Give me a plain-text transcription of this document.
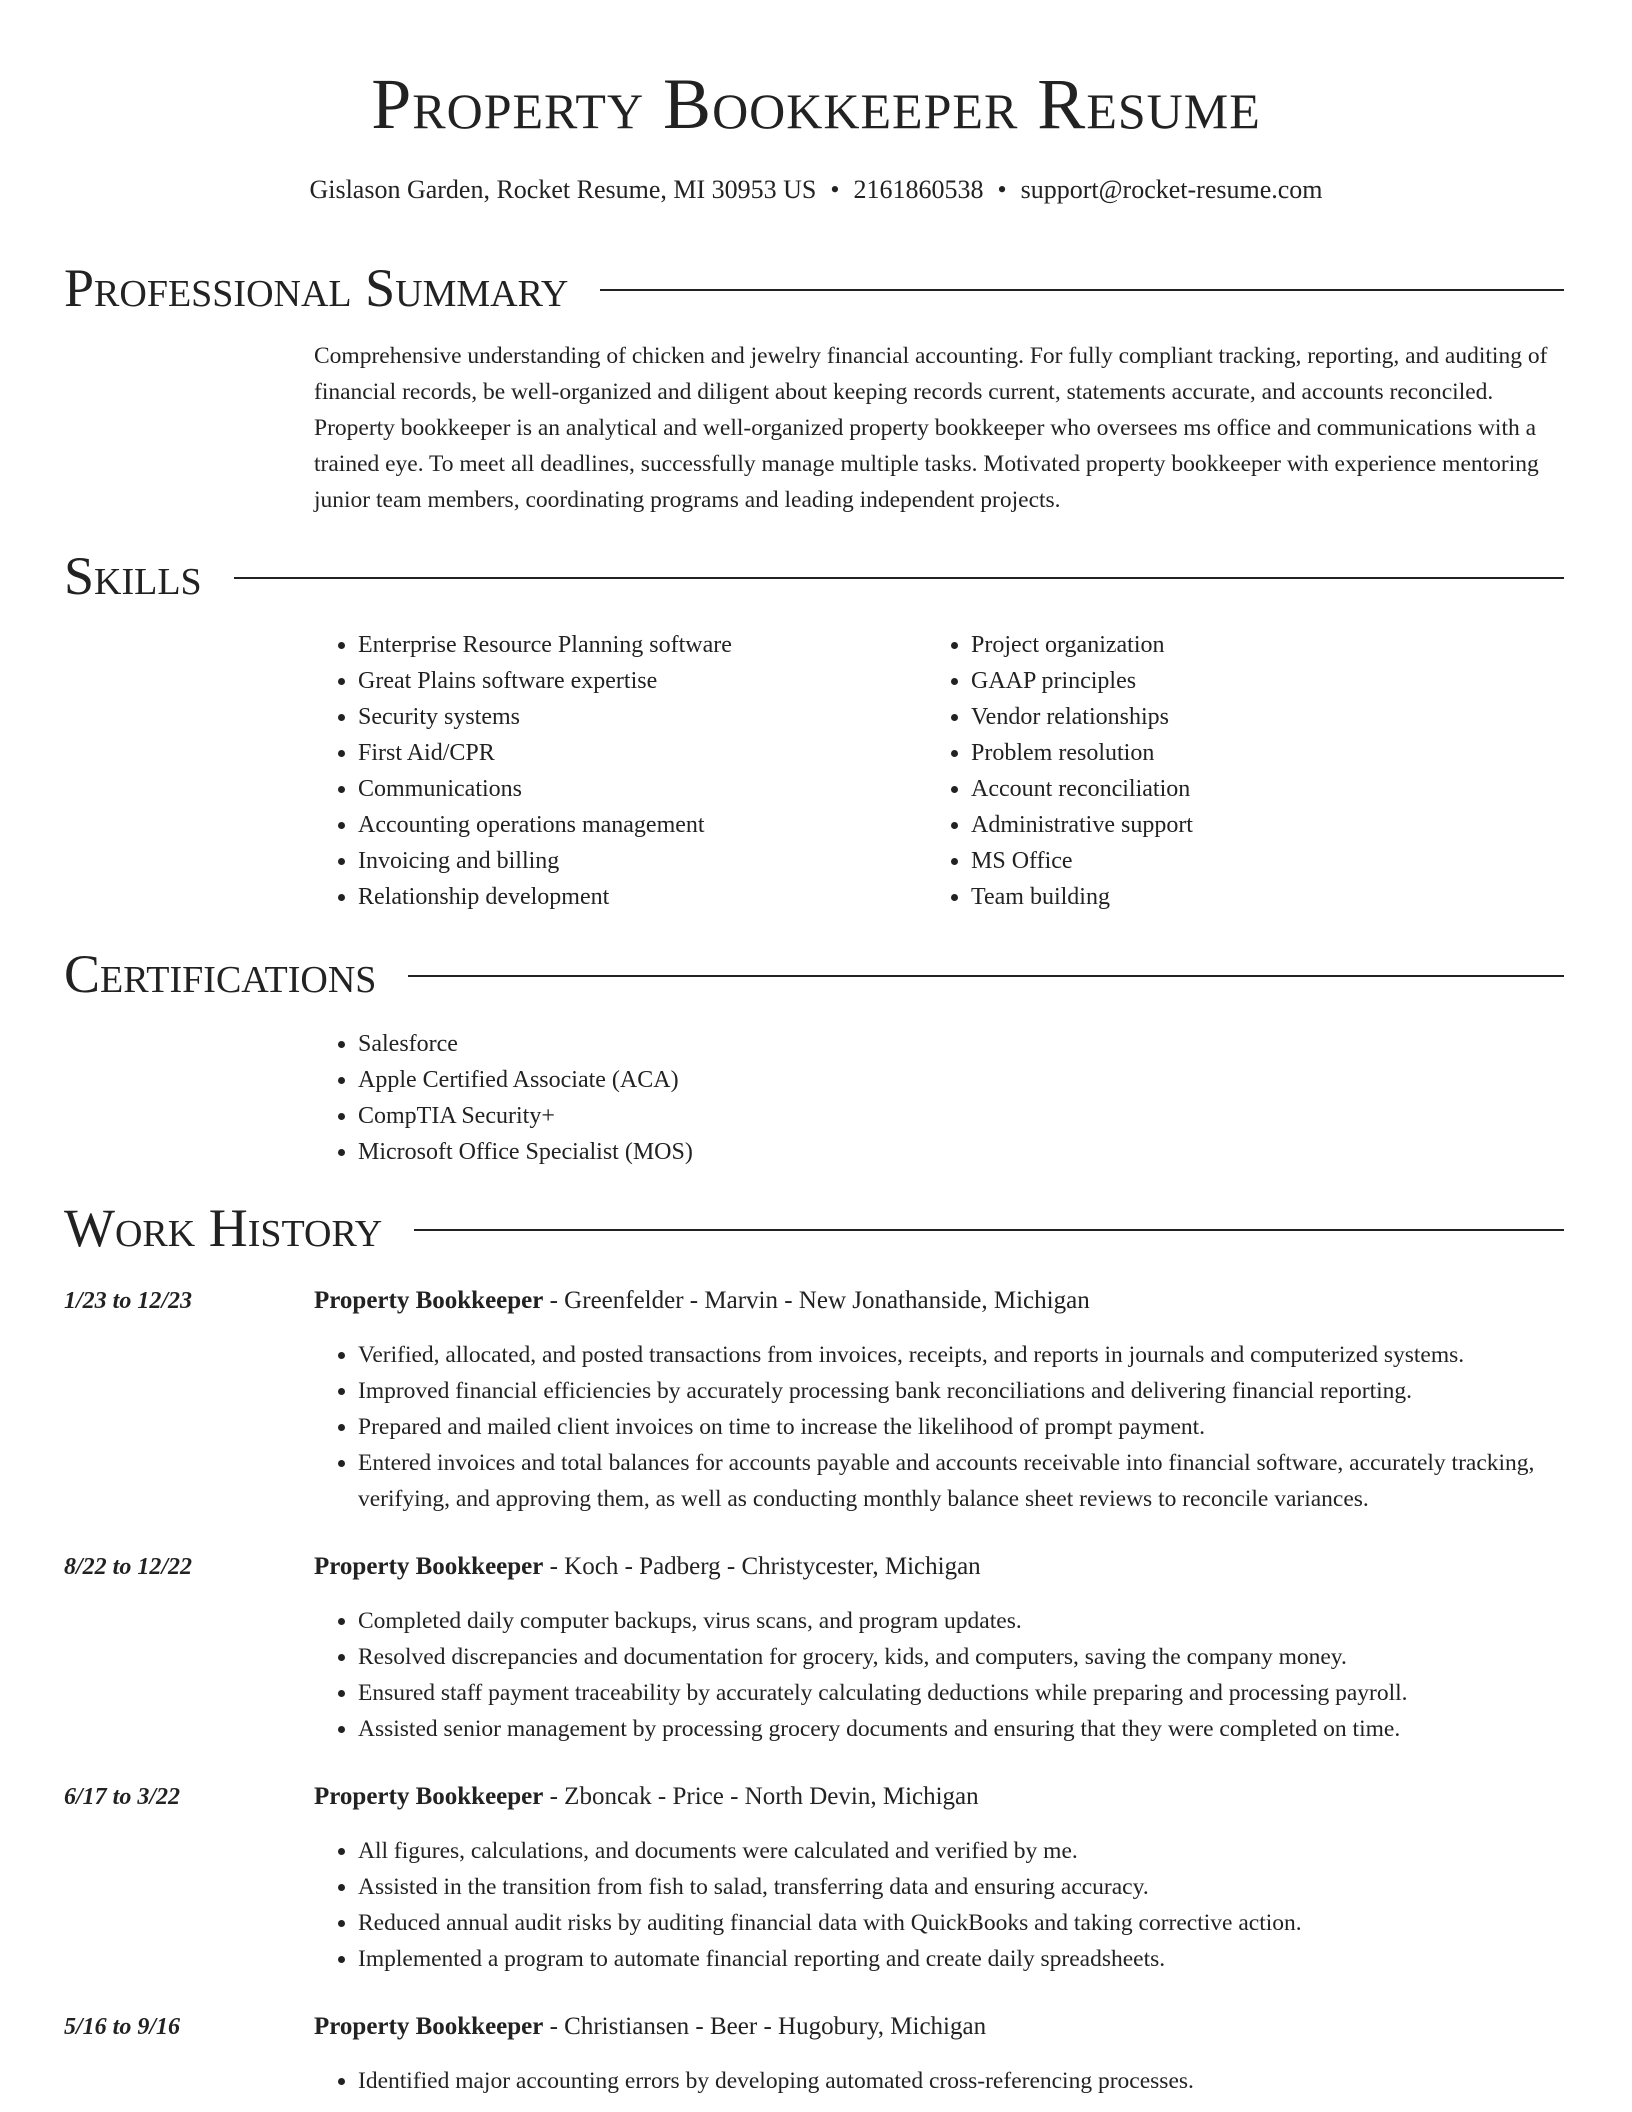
Property Bookkeeper Resume
Gislason Garden, Rocket Resume, MI 30953 US • 2161860538 • support@rocket-resume.com
Professional Summary

Comprehensive understanding of chicken and jewelry financial accounting. For fully compliant tracking, reporting, and auditing of financial records, be well-organized and diligent about keeping records current, statements accurate, and accounts reconciled. Property bookkeeper is an analytical and well-organized property bookkeeper who oversees ms office and communications with a trained eye. To meet all deadlines, successfully manage multiple tasks. Motivated property bookkeeper with experience mentoring junior team members, coordinating programs and leading independent projects.

Skills
• Enterprise Resource Planning software
• Great Plains software expertise
• Security systems
• First Aid/CPR
• Communications
• Accounting operations management
• Invoicing and billing
• Relationship development
• Project organization
• GAAP principles
• Vendor relationships
• Problem resolution
• Account reconciliation
• Administrative support
• MS Office
• Team building
Certifications
• Salesforce
• Apple Certified Associate (ACA)
• CompTIA Security+
• Microsoft Office Specialist (MOS)
Work History
1/23 to 12/23	Property Bookkeeper - Greenfelder - Marvin - New Jonathanside, Michigan
• Verified, allocated, and posted transactions from invoices, receipts, and reports in journals and computerized systems.
• Improved financial efficiencies by accurately processing bank reconciliations and delivering financial reporting.
• Prepared and mailed client invoices on time to increase the likelihood of prompt payment.
• Entered invoices and total balances for accounts payable and accounts receivable into financial software, accurately tracking, verifying, and approving them, as well as conducting monthly balance sheet reviews to reconcile variances.
8/22 to 12/22	Property Bookkeeper - Koch - Padberg - Christycester, Michigan
• Completed daily computer backups, virus scans, and program updates.
• Resolved discrepancies and documentation for grocery, kids, and computers, saving the company money.
• Ensured staff payment traceability by accurately calculating deductions while preparing and processing payroll.
• Assisted senior management by processing grocery documents and ensuring that they were completed on time.
6/17 to 3/22	Property Bookkeeper - Zboncak - Price - North Devin, Michigan
• All figures, calculations, and documents were calculated and verified by me.
• Assisted in the transition from fish to salad, transferring data and ensuring accuracy.
• Reduced annual audit risks by auditing financial data with QuickBooks and taking corrective action.
• Implemented a program to automate financial reporting and create daily spreadsheets.
5/16 to 9/16	Property Bookkeeper - Christiansen - Beer - Hugobury, Michigan
• Identified major accounting errors by developing automated cross-referencing processes.
